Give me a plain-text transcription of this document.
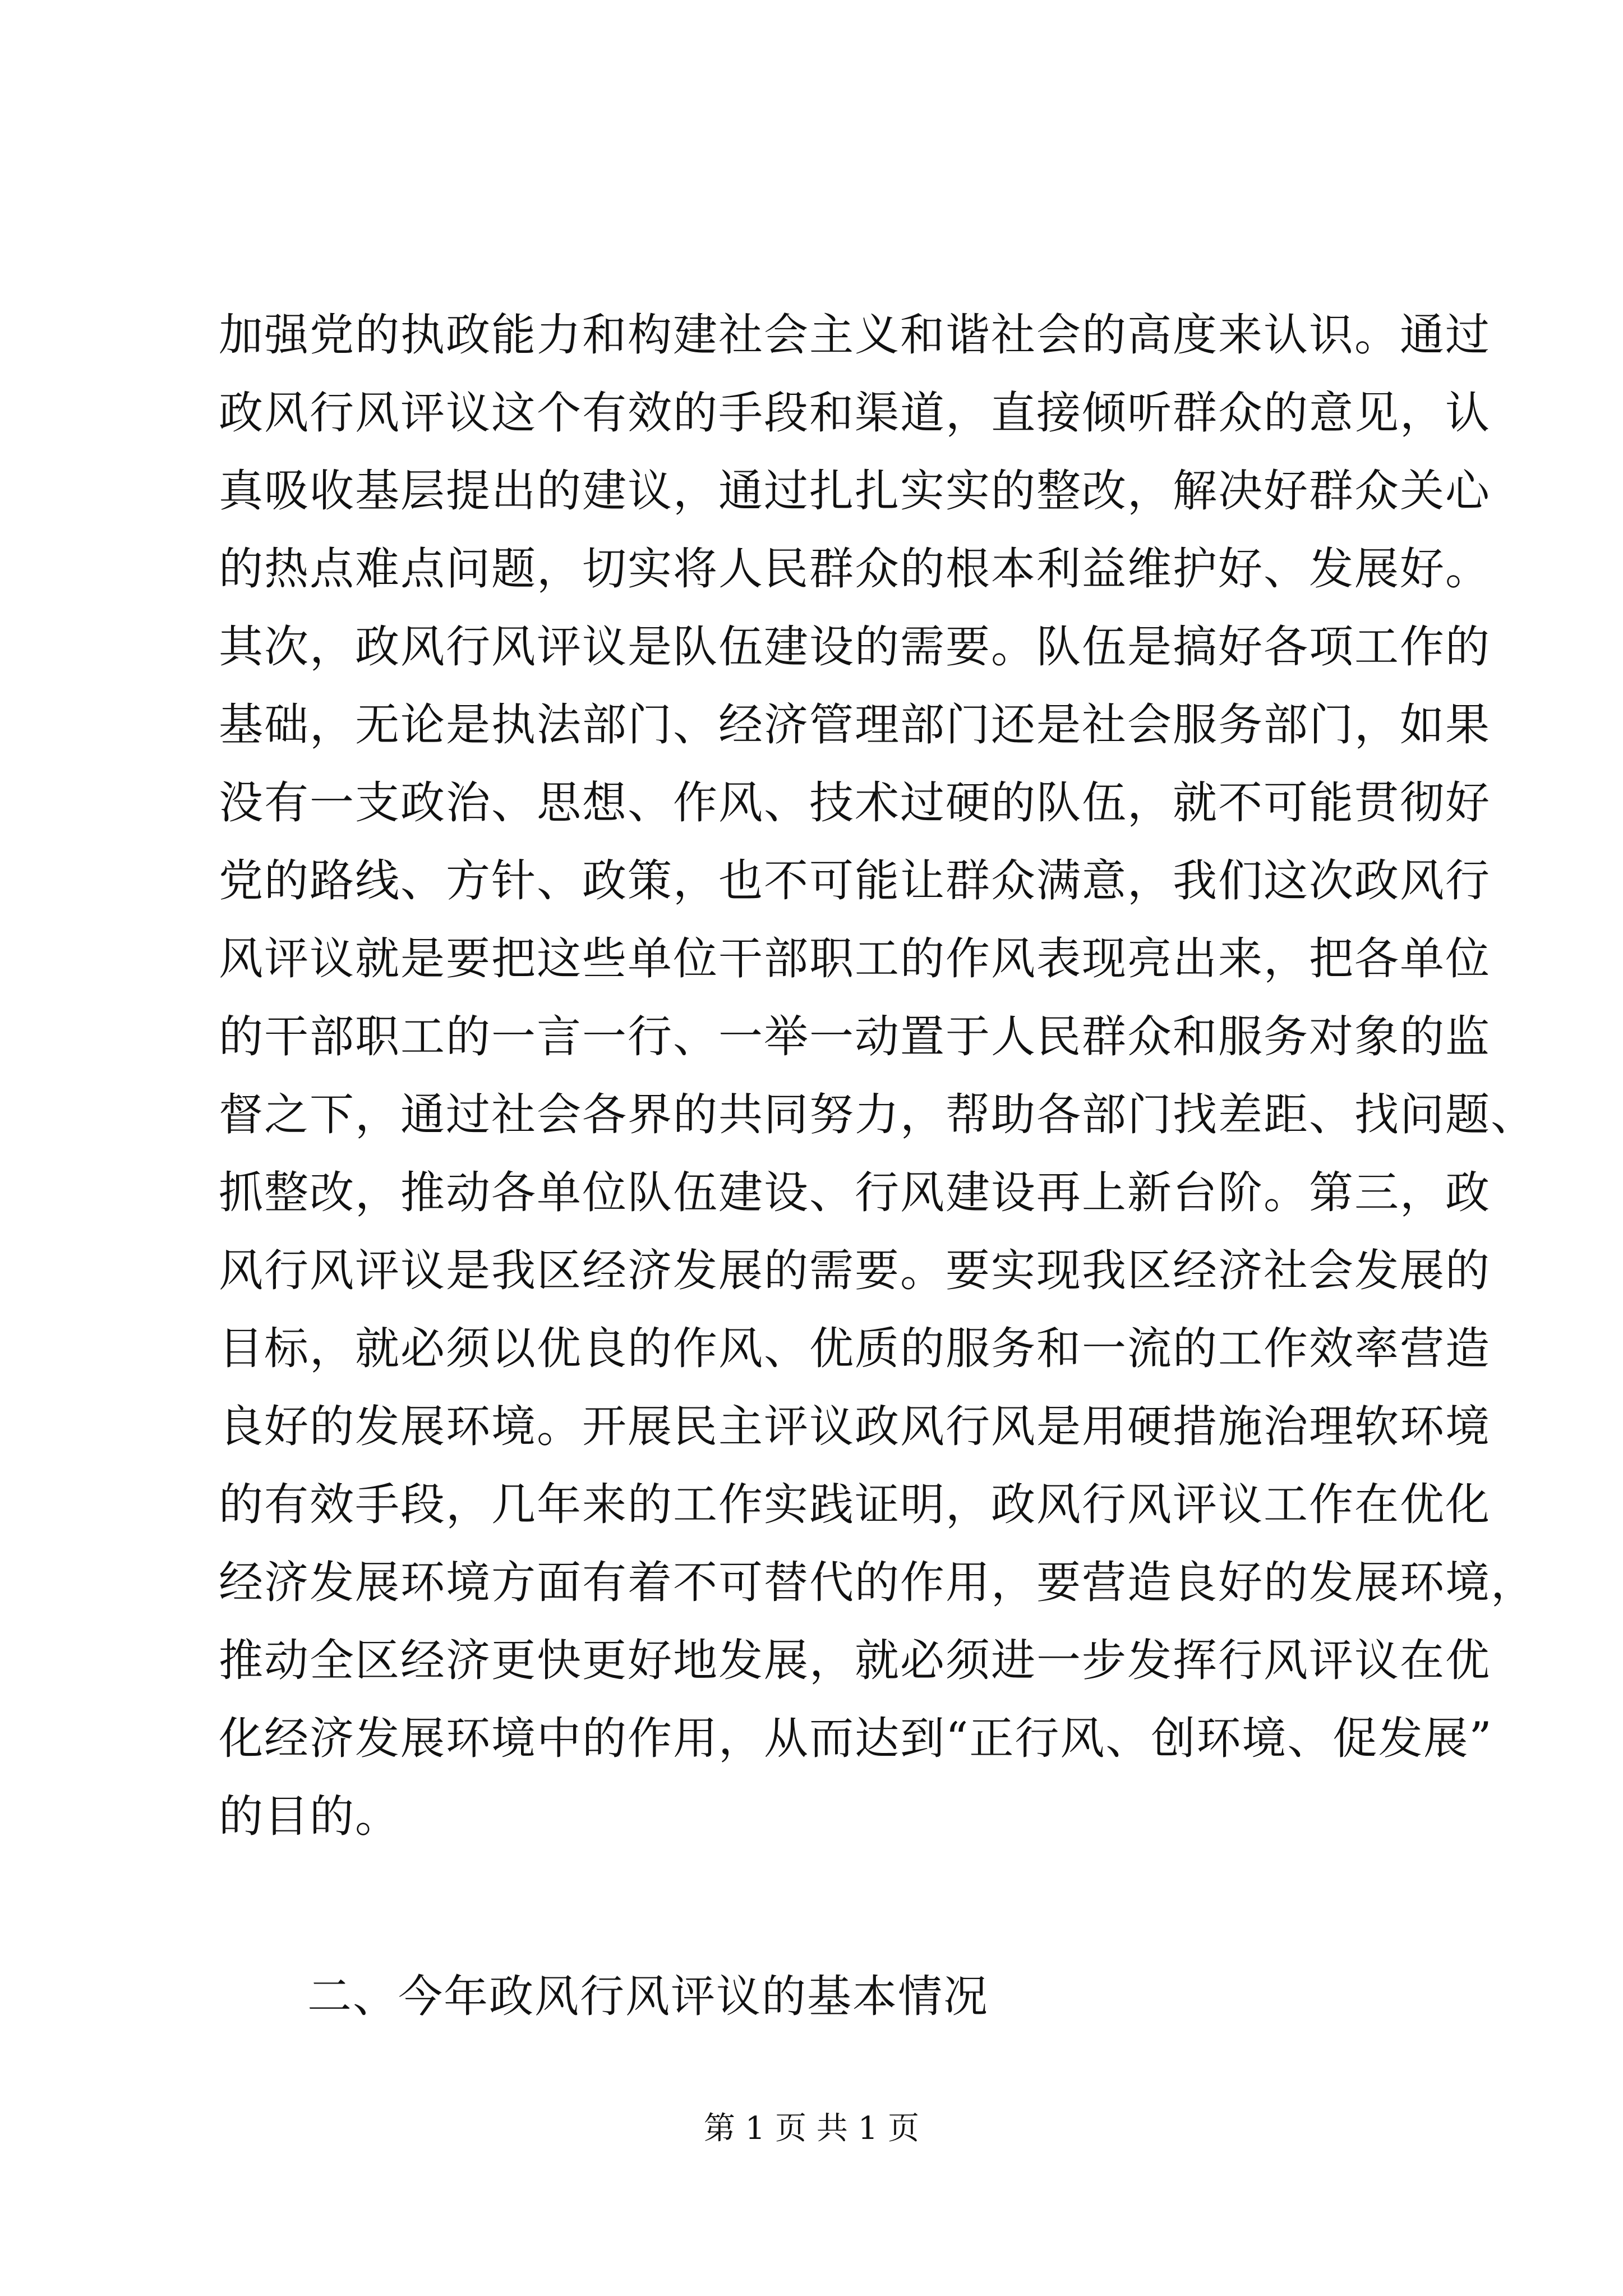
加强党的执政能力和构建社会主义和谐社会的高度来认识。通过
政风行风评议这个有效的手段和渠道，直接倾听群众的意见，认
真吸收基层提出的建议，通过扎扎实实的整改，解决好群众关心
的热点难点问题，切实将人民群众的根本利益维护好、发展好。
其次，政风行风评议是队伍建设的需要。队伍是搞好各项工作的
基础，无论是执法部门、经济管理部门还是社会服务部门，如果
没有一支政治、思想、作风、技术过硬的队伍，就不可能贯彻好
党的路线、方针、政策，也不可能让群众满意，我们这次政风行
风评议就是要把这些单位干部职工的作风表现亮出来，把各单位
的干部职工的一言一行、一举一动置于人民群众和服务对象的监
督之下，通过社会各界的共同努力，帮助各部门找差距、找问题、
抓整改，推动各单位队伍建设、行风建设再上新台阶。第三，政
风行风评议是我区经济发展的需要。要实现我区经济社会发展的
目标，就必须以优良的作风、优质的服务和一流的工作效率营造
良好的发展环境。开展民主评议政风行风是用硬措施治理软环境
的有效手段，几年来的工作实践证明，政风行风评议工作在优化
经济发展环境方面有着不可替代的作用，要营造良好的发展环境，
推动全区经济更快更好地发展，就必须进一步发挥行风评议在优
化经济发展环境中的作用，从而达到“正行风、创环境、促发展”
的目的。
二、今年政风行风评议的基本情况
第 1 页 共 1 页
